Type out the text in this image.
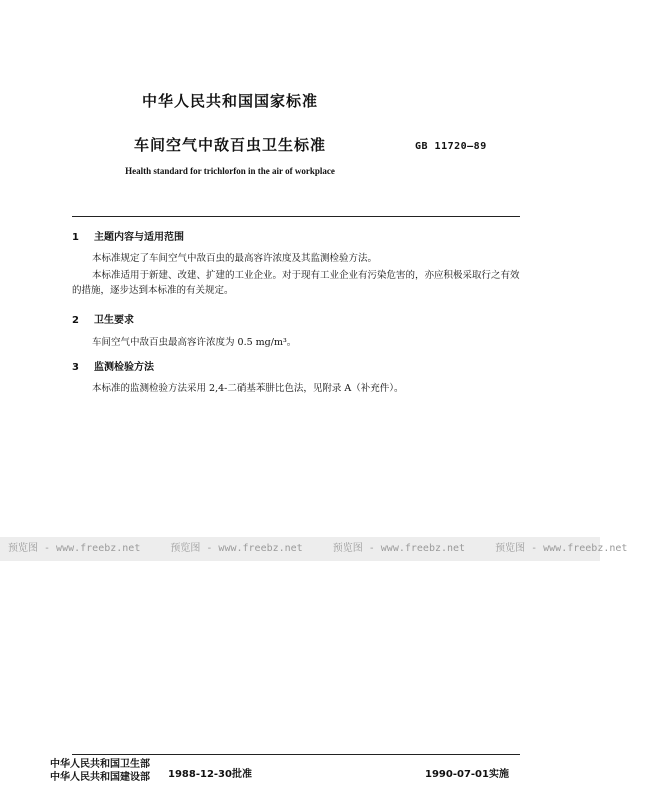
中华人民共和国国家标准
车间空气中敌百虫卫生标准	GB 11720—89
Health standard for trichlorfon in the air of workplace
1 主题内容与适用范围
本标准规定了车间空气中敌百虫的最高容许浓度及其监测检验方法。
本标准适用于新建、改建、扩建的工业企业。对于现有工业企业有污染危害的，亦应积极采取行之有效的措施，逐步达到本标准的有关规定。
2 卫生要求
车间空气中敌百虫最高容许浓度为 0.5 mg/m³。
3 监测检验方法
本标准的监测检验方法采用 2,4-二硝基苯肼比色法，见附录 A（补充件）。
预览图 - www.freebz.net	预览图 - www.freebz.net	预览图 - www.freebz.net	预览图 - www.freebz.net
中华人民共和国卫生部
中华人民共和国建设部 1988-12-30批准	1990-07-01实施
